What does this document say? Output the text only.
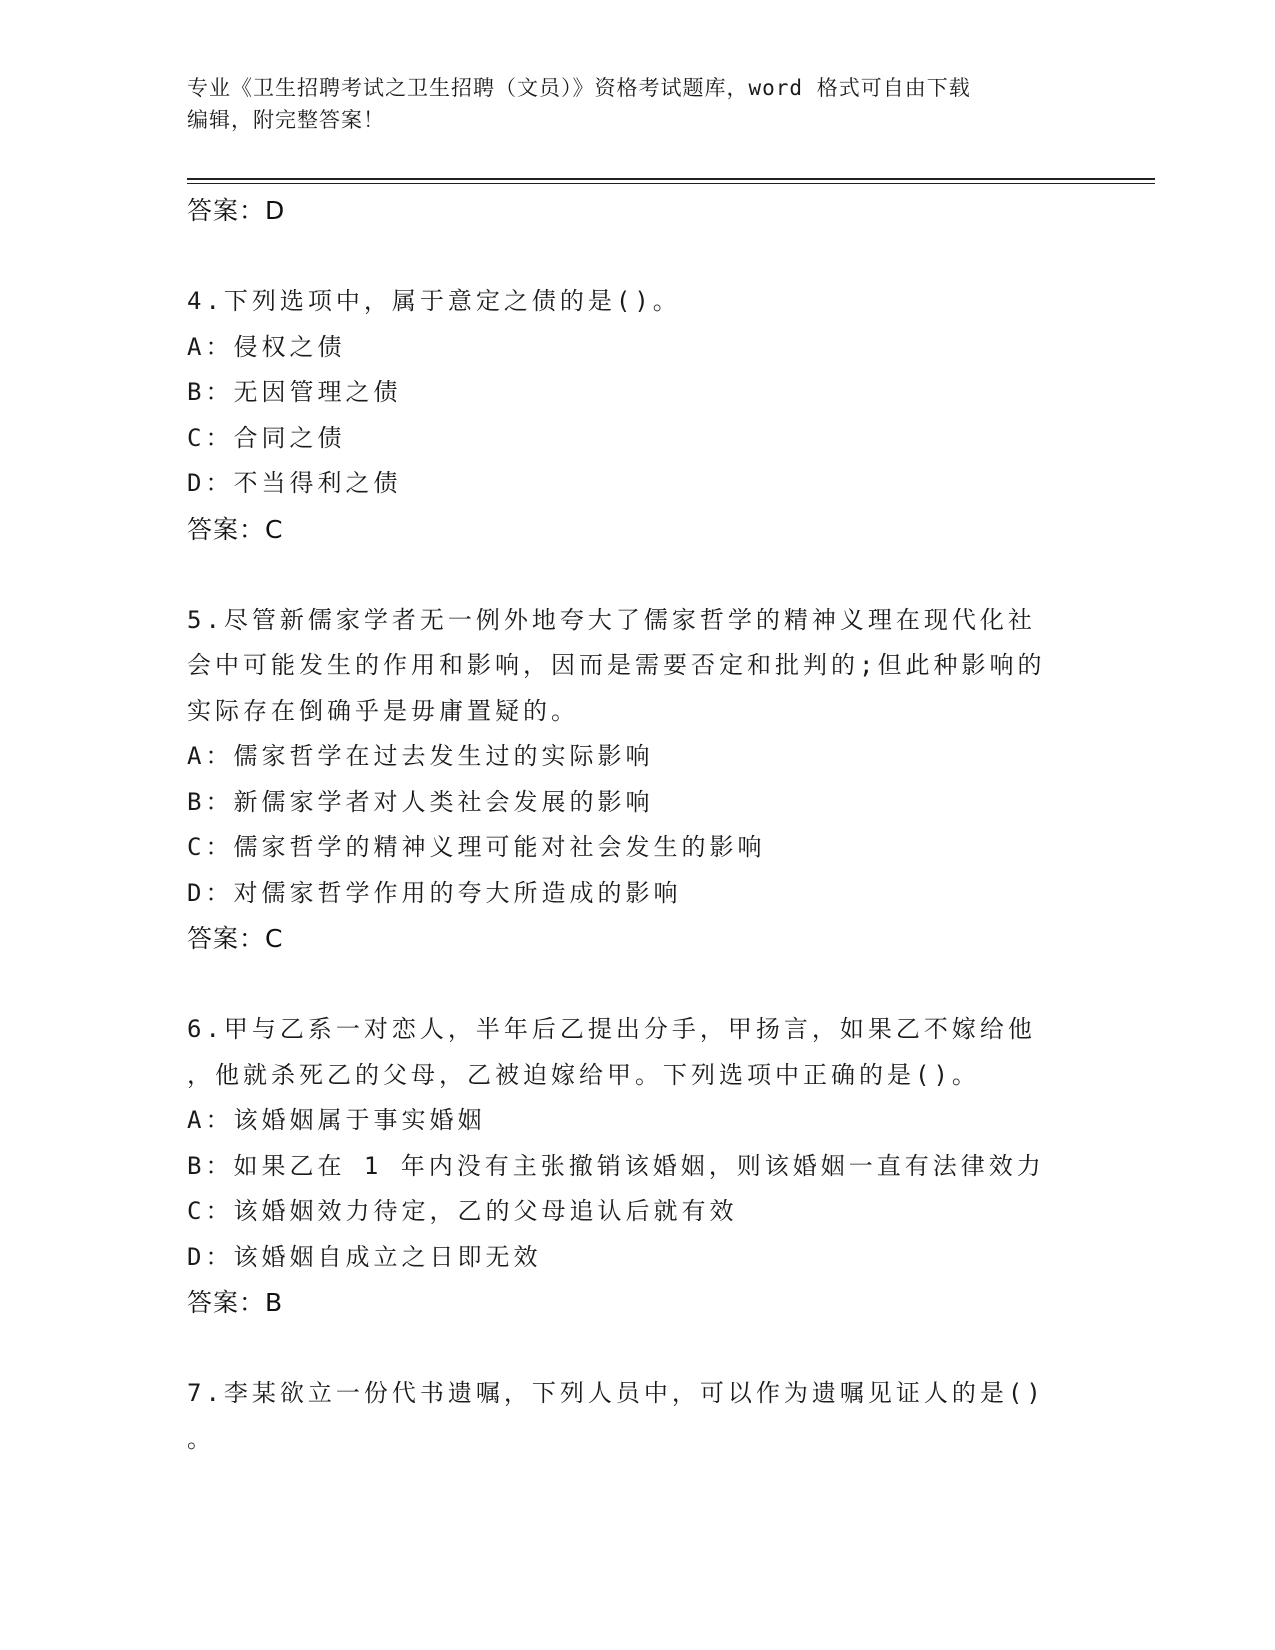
专业《卫生招聘考试之卫生招聘（文员）》资格考试题库，word 格式可自由下载
编辑，附完整答案！
答案：D
4.下列选项中，属于意定之债的是()。
A：侵权之债
B：无因管理之债
C：合同之债
D：不当得利之债
答案：C
5.尽管新儒家学者无一例外地夸大了儒家哲学的精神义理在现代化社
会中可能发生的作用和影响，因而是需要否定和批判的;但此种影响的
实际存在倒确乎是毋庸置疑的。
A：儒家哲学在过去发生过的实际影响
B：新儒家学者对人类社会发展的影响
C：儒家哲学的精神义理可能对社会发生的影响
D：对儒家哲学作用的夸大所造成的影响
答案：C
6.甲与乙系一对恋人，半年后乙提出分手，甲扬言，如果乙不嫁给他
，他就杀死乙的父母，乙被迫嫁给甲。下列选项中正确的是()。
A：该婚姻属于事实婚姻
B：如果乙在 1 年内没有主张撤销该婚姻，则该婚姻一直有法律效力
C：该婚姻效力待定，乙的父母追认后就有效
D：该婚姻自成立之日即无效
答案：B
7.李某欲立一份代书遗嘱，下列人员中，可以作为遗嘱见证人的是()
。
